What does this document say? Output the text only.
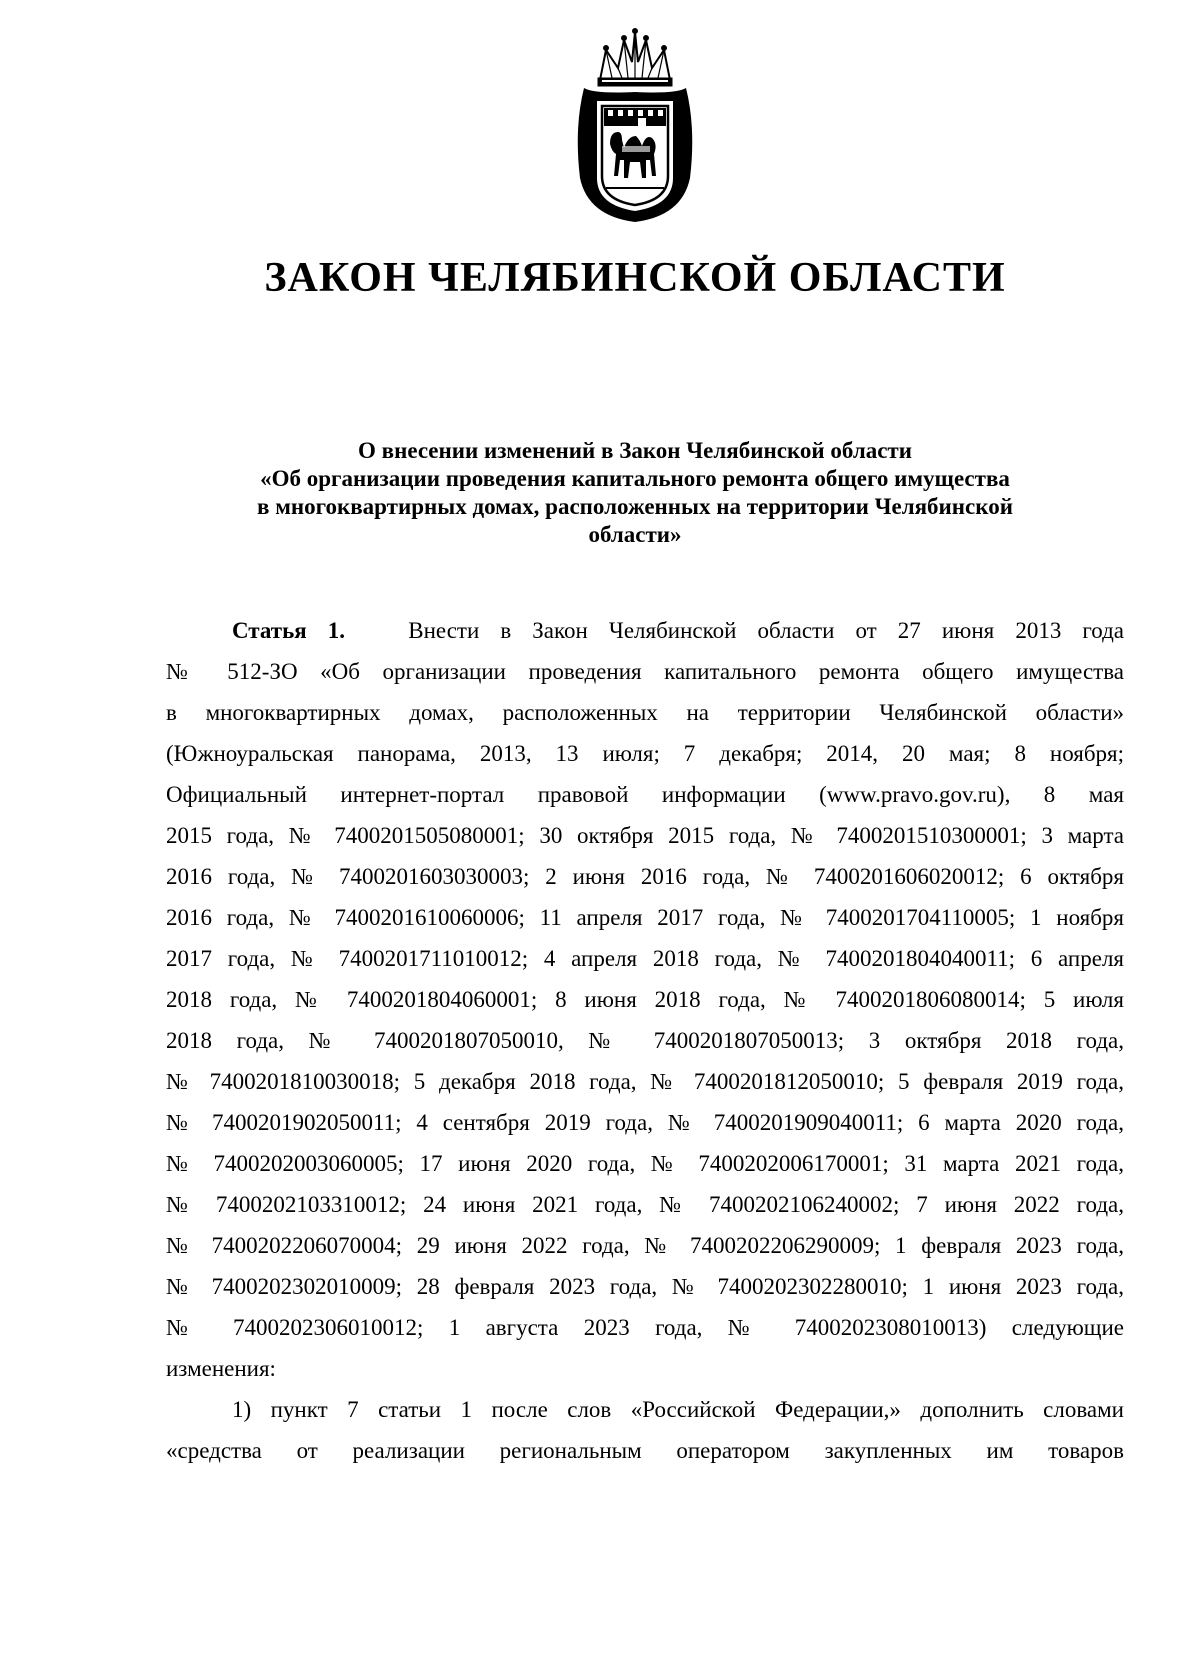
ЗАКОН ЧЕЛЯБИНСКОЙ ОБЛАСТИ
О внесении изменений в Закон Челябинской области
«Об организации проведения капитального ремонта общего имущества
в многоквартирных домах, расположенных на территории Челябинской
области»
Статья 1.	Внести в Закон Челябинской области от 27 июня 2013 года
№ 512-ЗО «Об организации проведения капитального ремонта общего имущества
в многоквартирных домах, расположенных на территории Челябинской области»
(Южноуральская панорама, 2013, 13 июля; 7 декабря; 2014, 20 мая; 8 ноября;
Официальный интернет-портал правовой информации (www.pravo.gov.ru), 8 мая
2015 года, № 7400201505080001; 30 октября 2015 года, № 7400201510300001; 3 марта
2016 года, № 7400201603030003; 2 июня 2016 года, № 7400201606020012; 6 октября
2016 года, № 7400201610060006; 11 апреля 2017 года, № 7400201704110005; 1 ноября
2017 года, № 7400201711010012; 4 апреля 2018 года, № 7400201804040011; 6 апреля
2018 года, № 7400201804060001; 8 июня 2018 года, № 7400201806080014; 5 июля
2018 года, № 7400201807050010, № 7400201807050013; 3 октября 2018 года,
№ 7400201810030018; 5 декабря 2018 года, № 7400201812050010; 5 февраля 2019 года,
№ 7400201902050011; 4 сентября 2019 года, № 7400201909040011; 6 марта 2020 года,
№ 7400202003060005; 17 июня 2020 года, № 7400202006170001; 31 марта 2021 года,
№ 7400202103310012; 24 июня 2021 года, № 7400202106240002; 7 июня 2022 года,
№ 7400202206070004; 29 июня 2022 года, № 7400202206290009; 1 февраля 2023 года,
№ 7400202302010009; 28 февраля 2023 года, № 7400202302280010; 1 июня 2023 года,
№ 7400202306010012; 1 августа 2023 года, № 7400202308010013) следующие
изменения:
1) пункт 7 статьи 1 после слов «Российской Федерации,» дополнить словами
«средства от реализации региональным оператором закупленных им товаров
